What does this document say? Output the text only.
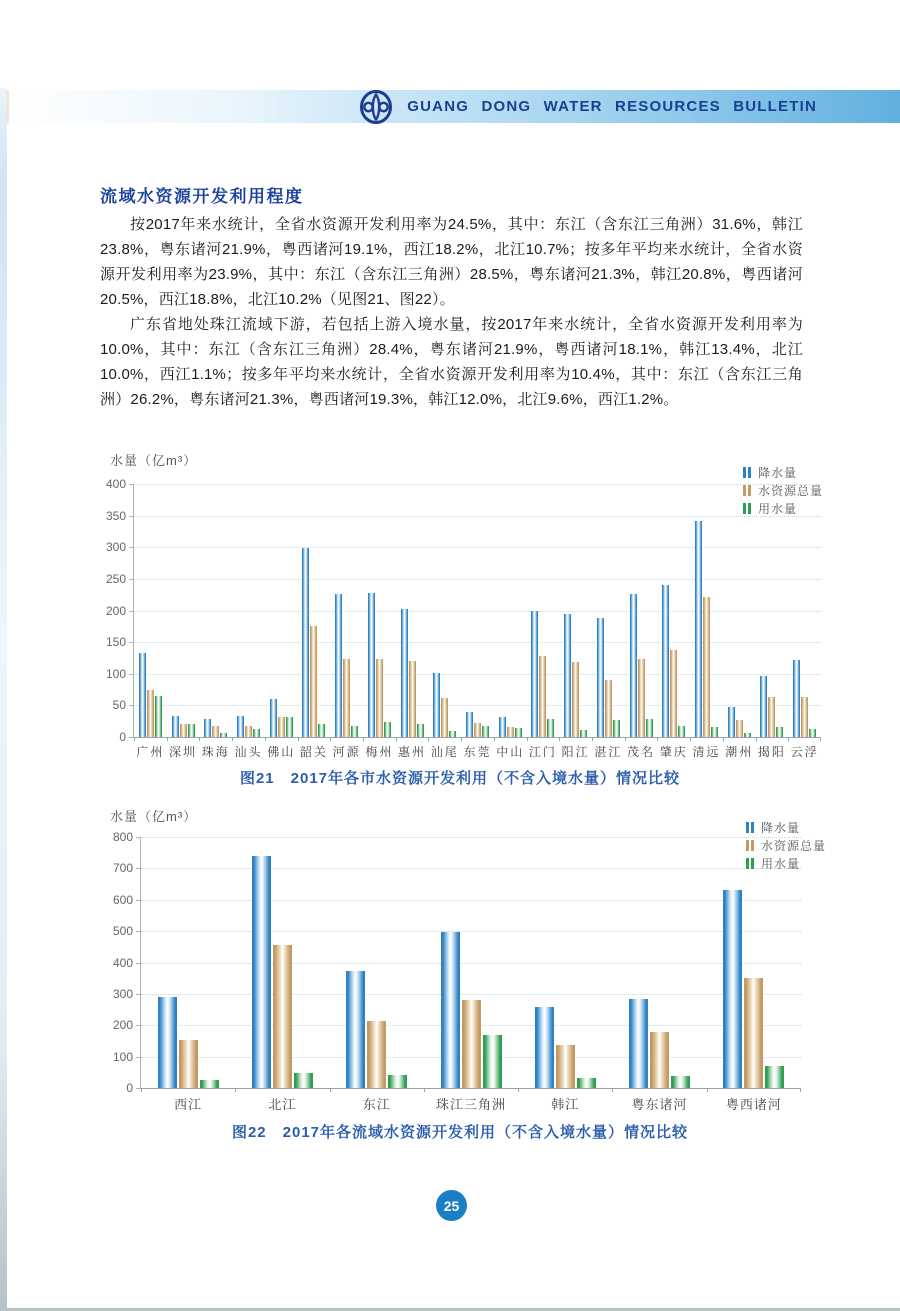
GUANG DONG WATER RESOURCES BULLETIN
流域水资源开发利用程度

按2017年来水统计，全省水资源开发利用率为24.5%，其中：东江（含东江三角洲）31.6%，韩江23.8%，粤东诸河21.9%，粤西诸河19.1%，西江18.2%，北江10.7%；按多年平均来水统计，全省水资源开发利用率为23.9%，其中：东江（含东江三角洲）28.5%，粤东诸河21.3%，韩江20.8%，粤西诸河20.5%，西江18.8%，北江10.2%（见图21、图22）。

广东省地处珠江流域下游，若包括上游入境水量，按2017年来水统计，全省水资源开发利用率为10.0%，其中：东江（含东江三角洲）28.4%，粤东诸河21.9%，粤西诸河18.1%，韩江13.4%，北江10.0%，西江1.1%；按多年平均来水统计，全省水资源开发利用率为10.4%，其中：东江（含东江三角洲）26.2%，粤东诸河21.3%，粤西诸河19.3%，韩江12.0%，北江9.6%，西江1.2%。

水量（亿m³）
0
50
100
150
200
250
300
350
400
广州 深圳 珠海 汕头 佛山 韶关 河源 梅州 惠州 汕尾 东莞 中山 江门 阳江 湛江 茂名 肇庆 清远 潮州 揭阳 云浮
降水量
水资源总量
用水量
图21 2017年各市水资源开发利用（不含入境水量）情况比较
水量（亿m³）
0
100
200
300
400
500
600
700
800
西江	北江	东江	珠江三角洲	韩江	粤东诸河	粤西诸河
降水量
水资源总量
用水量
图22 2017年各流域水资源开发利用（不含入境水量）情况比较
25
